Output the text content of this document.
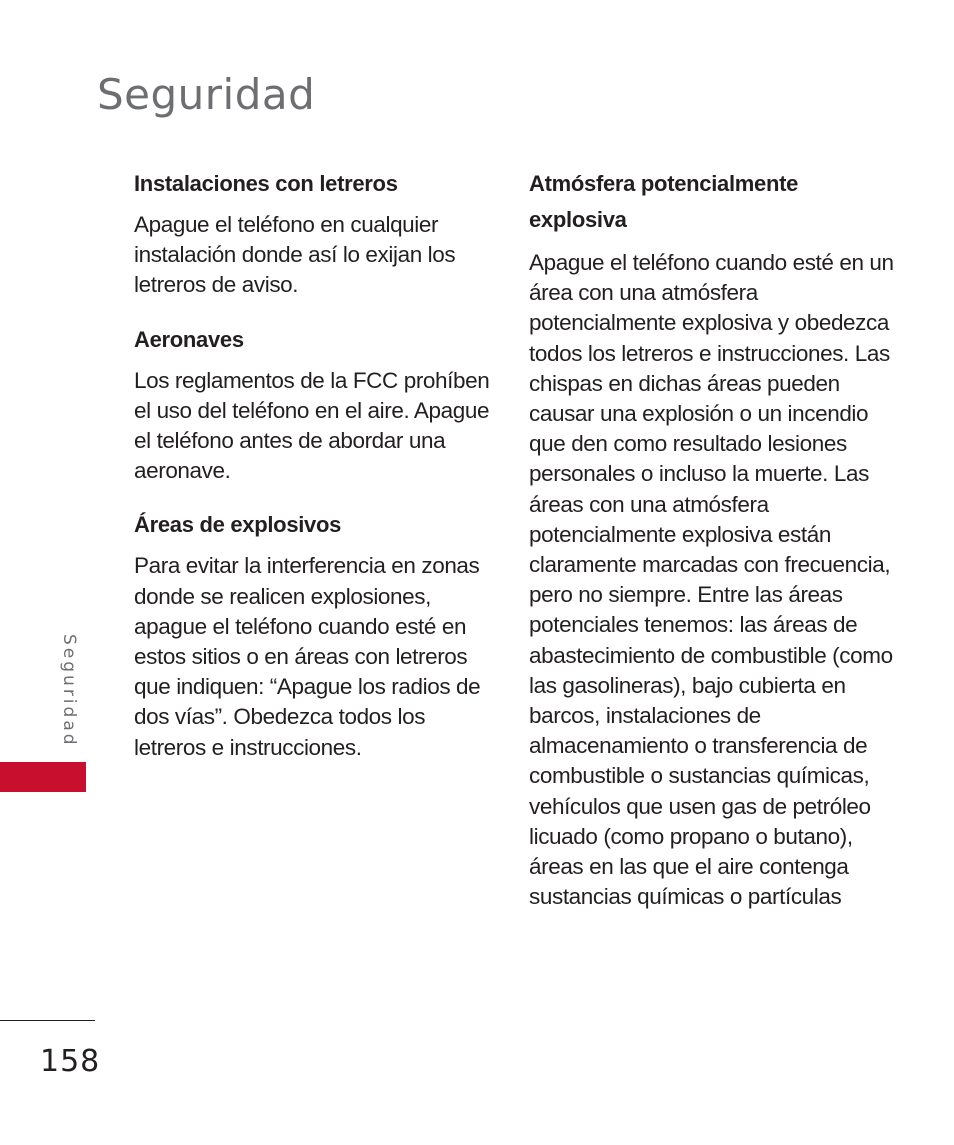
Seguridad
Instalaciones con letreros

Apague el teléfono en cualquier instalación donde así lo exijan los letreros de aviso.

Aeronaves

Los reglamentos de la FCC prohíben el uso del teléfono en el aire. Apague el teléfono antes de abordar una aeronave.

Áreas de explosivos

Para evitar la interferencia en zonas donde se realicen explosiones, apague el teléfono cuando esté en estos sitios o en áreas con letreros que indiquen: “Apague los radios de dos vías”. Obedezca todos los letreros e instrucciones.

Atmósfera potencialmente explosiva

Apague el teléfono cuando esté en un área con una atmósfera potencialmente explosiva y obedezca todos los letreros e instrucciones. Las chispas en dichas áreas pueden causar una explosión o un incendio que den como resultado lesiones personales o incluso la muerte. Las áreas con una atmósfera potencialmente explosiva están claramente marcadas con frecuencia, pero no siempre. Entre las áreas potenciales tenemos: las áreas de abastecimiento de combustible (como las gasolineras), bajo cubierta en barcos, instalaciones de almacenamiento o transferencia de combustible o sustancias químicas, vehículos que usen gas de petróleo licuado (como propano o butano), áreas en las que el aire contenga sustancias químicas o partículas

Seguridad
158
